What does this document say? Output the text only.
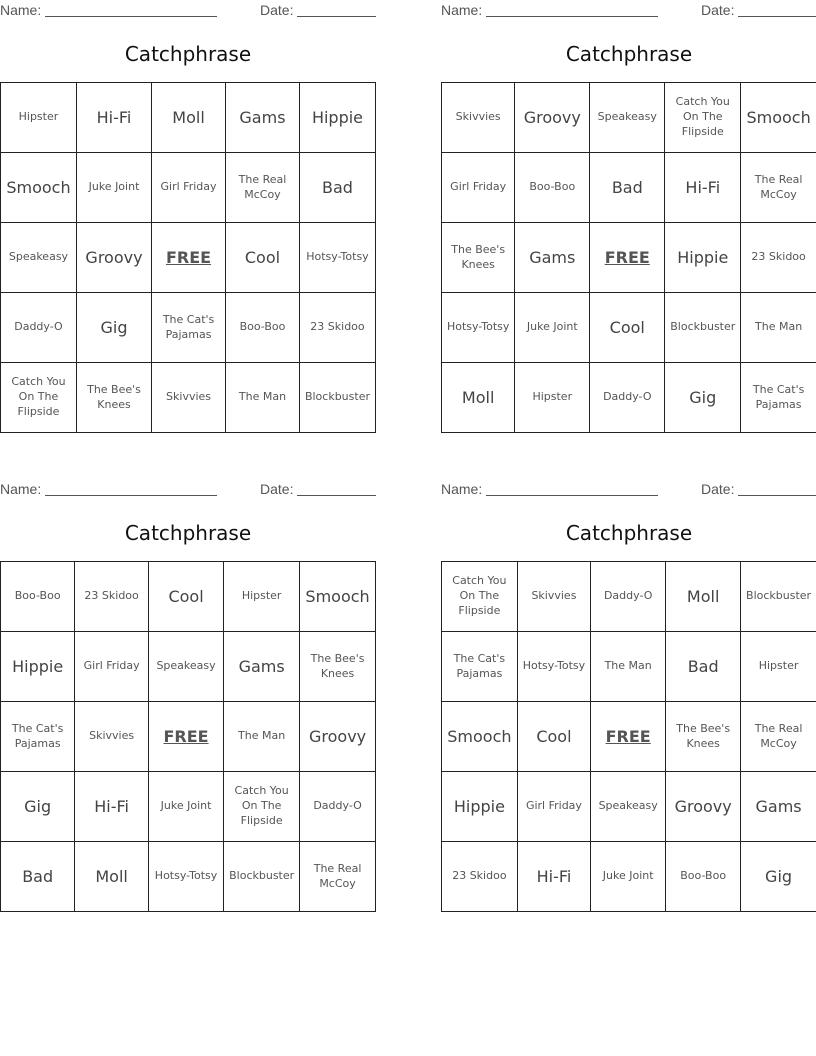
Name:	Date:
Catchphrase
Hipster	Hi-Fi	Moll	Gams	Hippie
Smooch	Juke Joint	Girl Friday	The Real McCoy	Bad
Speakeasy	Groovy	FREE	Cool	Hotsy-Totsy
Daddy-O	Gig	The Cat's Pajamas	Boo-Boo	23 Skidoo
Catch You On The Flipside	The Bee's Knees	Skivvies	The Man	Blockbuster
Name:	Date:
Catchphrase
Skivvies	Groovy	Speakeasy	Catch You On The Flipside	Smooch
Girl Friday	Boo-Boo	Bad	Hi-Fi	The Real McCoy
The Bee's Knees	Gams	FREE	Hippie	23 Skidoo
Hotsy-Totsy	Juke Joint	Cool	Blockbuster	The Man
Moll	Hipster	Daddy-O	Gig	The Cat's Pajamas
Name:	Date:
Catchphrase
Boo-Boo	23 Skidoo	Cool	Hipster	Smooch
Hippie	Girl Friday	Speakeasy	Gams	The Bee's Knees
The Cat's Pajamas	Skivvies	FREE	The Man	Groovy
Gig	Hi-Fi	Juke Joint	Catch You On The Flipside	Daddy-O
Bad	Moll	Hotsy-Totsy	Blockbuster	The Real McCoy
Name:	Date:
Catchphrase
Catch You On The Flipside	Skivvies	Daddy-O	Moll	Blockbuster
The Cat's Pajamas	Hotsy-Totsy	The Man	Bad	Hipster
Smooch	Cool	FREE	The Bee's Knees	The Real McCoy
Hippie	Girl Friday	Speakeasy	Groovy	Gams
23 Skidoo	Hi-Fi	Juke Joint	Boo-Boo	Gig
